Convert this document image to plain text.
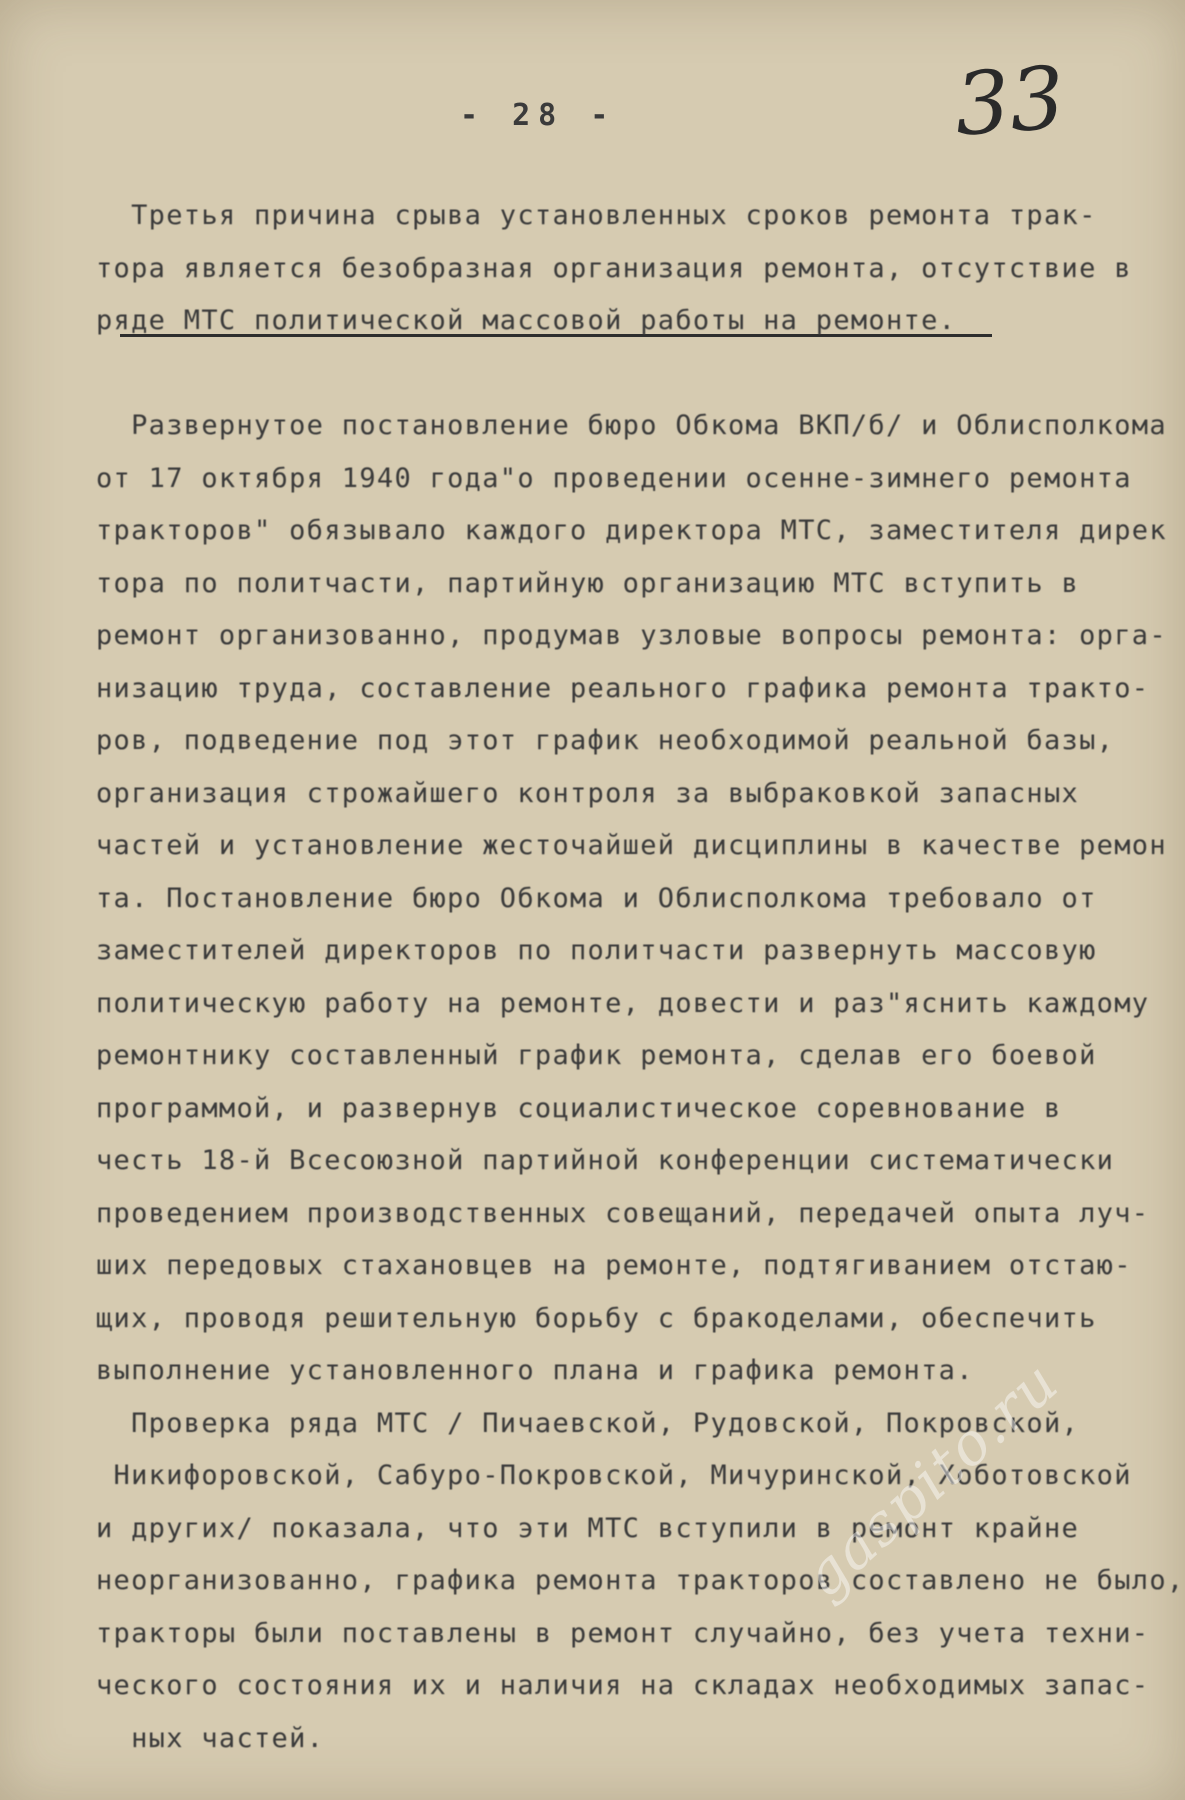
- 28 -	33
Третья причина срыва установленных сроков ремонта трак-
тора является безобразная организация ремонта, отсутствие в
ряде МТС политической массовой работы на ремонте.
Развернутое постановление бюро Обкома ВКП/б/ и Облисполкома
от 17 октября 1940 года"о проведении осенне-зимнего ремонта
тракторов" обязывало каждого директора МТС, заместителя дирек
тора по политчасти, партийную организацию МТС вступить в
ремонт организованно, продумав узловые вопросы ремонта: орга-
низацию труда, составление реального графика ремонта тракто-
ров, подведение под этот график необходимой реальной базы,
организация строжайшего контроля за выбраковкой запасных
частей и установление жесточайшей дисциплины в качестве ремон
та. Постановление бюро Обкома и Облисполкома требовало от
заместителей директоров по политчасти развернуть массовую
политическую работу на ремонте, довести и раз"яснить каждому
ремонтнику составленный график ремонта, сделав его боевой
программой, и развернув социалистическое соревнование в
честь 18-й Всесоюзной партийной конференции систематически
проведением производственных совещаний, передачей опыта луч-
ших передовых стахановцев на ремонте, подтягиванием отстаю-
щих, проводя решительную борьбу с бракоделами, обеспечить
выполнение установленного плана и графика ремонта.
Проверка ряда МТС / Пичаевской, Рудовской, Покровской,
Никифоровской, Сабуро-Покровской, Мичуринской, Хоботовской
и других/ показала, что эти МТС вступили в ремонт крайне
неорганизованно, графика ремонта тракторов составлено не было,
тракторы были поставлены в ремонт случайно, без учета техни-
ческого состояния их и наличия на складах необходимых запас-
ных частей.
gaspito.ru
